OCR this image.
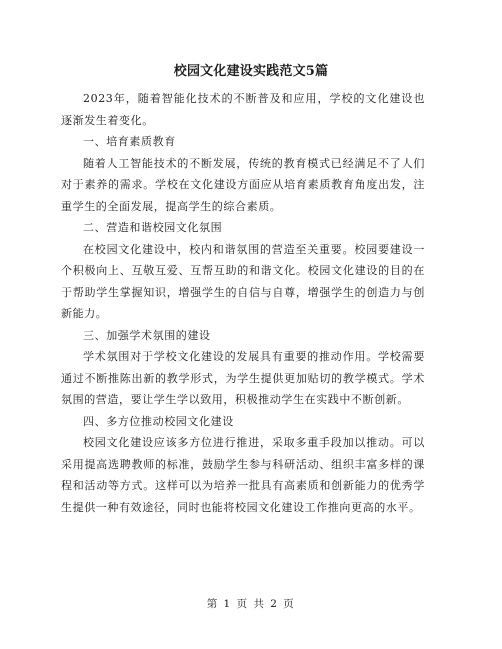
校园文化建设实践范文5篇

2023年，随着智能化技术的不断普及和应用，学校的文化建设也逐渐发生着变化。

一、培育素质教育

随着人工智能技术的不断发展，传统的教育模式已经满足不了人们对于素养的需求。学校在文化建设方面应从培育素质教育角度出发，注重学生的全面发展，提高学生的综合素质。

二、营造和谐校园文化氛围

在校园文化建设中，校内和谐氛围的营造至关重要。校园要建设一个积极向上、互敬互爱、互帮互助的和谐文化。校园文化建设的目的在于帮助学生掌握知识，增强学生的自信与自尊，增强学生的创造力与创新能力。

三、加强学术氛围的建设

学术氛围对于学校文化建设的发展具有重要的推动作用。学校需要通过不断推陈出新的教学形式，为学生提供更加贴切的教学模式。学术氛围的营造，要让学生学以致用，积极推动学生在实践中不断创新。

四、多方位推动校园文化建设

校园文化建设应该多方位进行推进，采取多重手段加以推动。可以采用提高选聘教师的标准，鼓励学生参与科研活动、组织丰富多样的课程和活动等方式。这样可以为培养一批具有高素质和创新能力的优秀学生提供一种有效途径，同时也能将校园文化建设工作推向更高的水平。

第 1 页 共 2 页
